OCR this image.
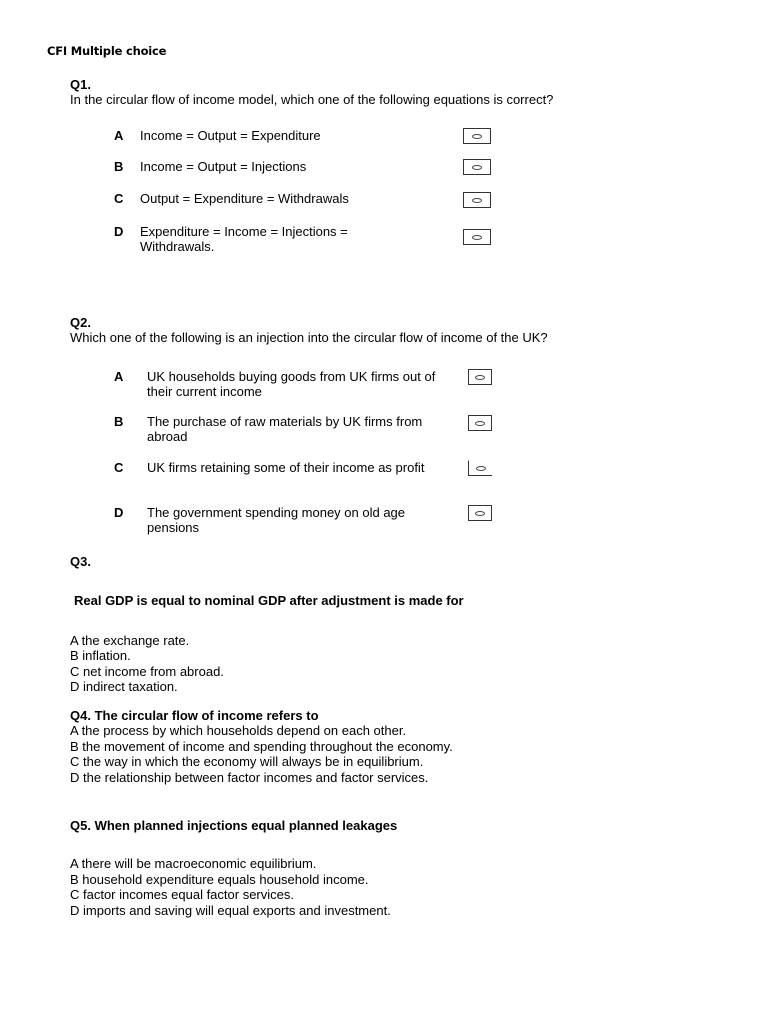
CFI Multiple choice
Q1.
In the circular flow of income model, which one of the following equations is correct?
A Income = Output = Expenditure
B Income = Output = Injections
C Output = Expenditure = Withdrawals
D Expenditure = Income = Injections = Withdrawals.
Q2.
Which one of the following is an injection into the circular flow of income of the UK?
A UK households buying goods from UK firms out of their current income
B The purchase of raw materials by UK firms from abroad
C UK firms retaining some of their income as profit
D The government spending money on old age pensions
Q3.
Real GDP is equal to nominal GDP after adjustment is made for
A the exchange rate.
B inflation.
C net income from abroad.
D indirect taxation.
Q4. The circular flow of income refers to
A the process by which households depend on each other.
B the movement of income and spending throughout the economy.
C the way in which the economy will always be in equilibrium.
D the relationship between factor incomes and factor services.
Q5. When planned injections equal planned leakages
A there will be macroeconomic equilibrium.
B household expenditure equals household income.
C factor incomes equal factor services.
D imports and saving will equal exports and investment.
